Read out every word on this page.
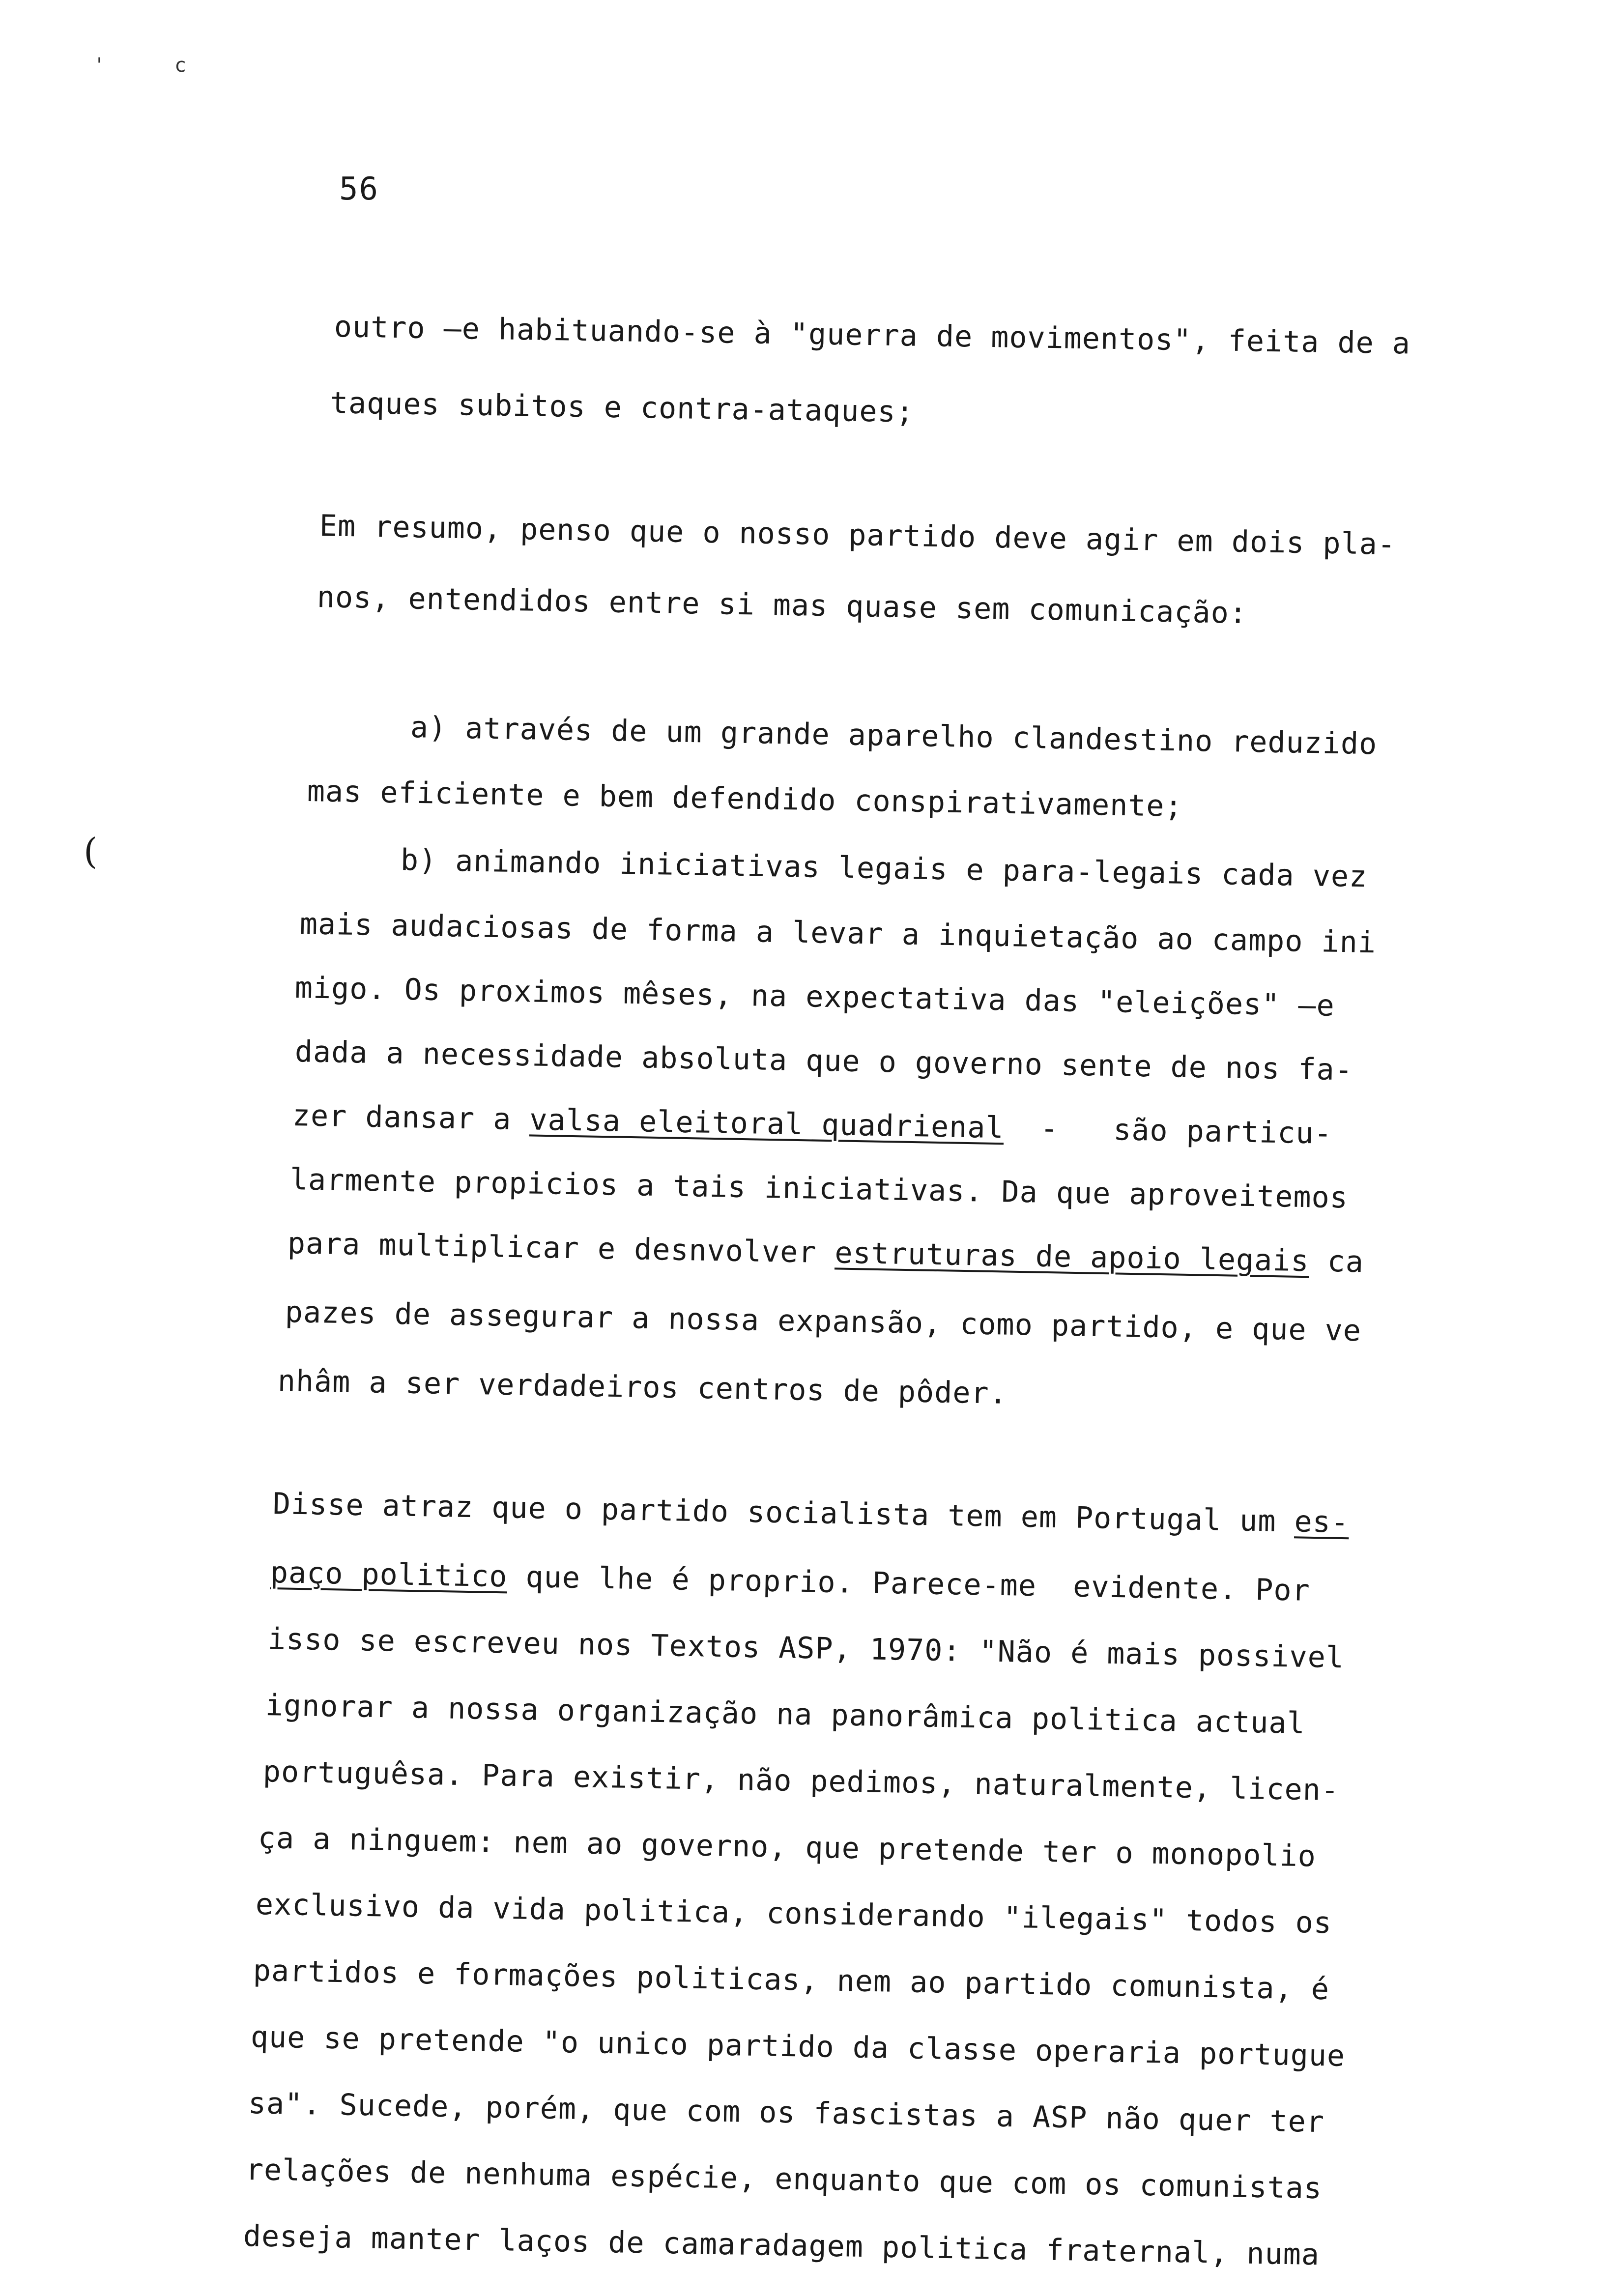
'	c
56
(
outro —e habituando-se à "guerra de movimentos", feita de a
taques subitos e contra-ataques;
Em resumo, penso que o nosso partido deve agir em dois pla-
nos, entendidos entre si mas quase sem comunicação:
a) através de um grande aparelho clandestino reduzido
mas eficiente e bem defendido conspirativamente;
b) animando iniciativas legais e para-legais cada vez
mais audaciosas de forma a levar a inquietação ao campo ini
migo. Os proximos mêses, na expectativa das "eleições" —e
dada a necessidade absoluta que o governo sente de nos fa-
zer dansar a valsa eleitoral quadrienal  -   são particu-
larmente propicios a tais iniciativas. Da que aproveitemos
para multiplicar e desnvolver estruturas de apoio legais ca
pazes de assegurar a nossa expansão, como partido, e que ve
nhâm a ser verdadeiros centros de pôder.
Disse atraz que o partido socialista tem em Portugal um es-
paço politico que lhe é proprio. Parece-me  evidente. Por
isso se escreveu nos Textos ASP, 1970: "Não é mais possivel
ignorar a nossa organização na panorâmica politica actual
portuguêsa. Para existir, não pedimos, naturalmente, licen-
ça a ninguem: nem ao governo, que pretende ter o monopolio
exclusivo da vida politica, considerando "ilegais" todos os
partidos e formações politicas, nem ao partido comunista, é
que se pretende "o unico partido da classe operaria portugue
sa". Sucede, porém, que com os fascistas a ASP não quer ter
relações de nenhuma espécie, enquanto que com os comunistas
deseja manter laços de camaradagem politica fraternal, numa
